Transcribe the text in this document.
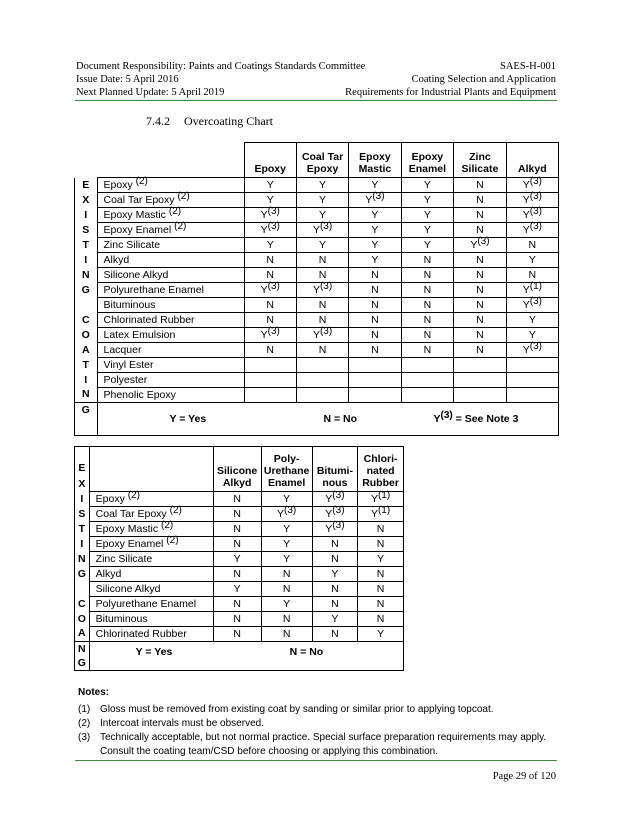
Document Responsibility: Paints and Coatings Standards Committee	SAES-H-001
Issue Date: 5 April 2016	Coating Selection and Application
Next Planned Update: 5 April 2019	Requirements for Industrial Plants and Equipment
7.4.2 Overcoating Chart
		Epoxy	Coal Tar Epoxy	Epoxy Mastic	Epoxy Enamel	Zinc Silicate	Alkyd
E	Epoxy $^{(2)}$	Y	Y	Y	Y	N	$Y^{(3)}$
X	Coal Tar Epoxy $^{(2)}$	Y	Y	$Y^{(3)}$	Y	N	$Y^{(3)}$
I	Epoxy Mastic $^{(2)}$	$Y^{(3)}$	Y	Y	Y	N	$Y^{(3)}$
S	Epoxy Enamel $^{(2)}$	$Y^{(3)}$	$Y^{(3)}$	Y	Y	N	$Y^{(3)}$
T	Zinc Silicate	Y	Y	Y	Y	$Y^{(3)}$	N
I	Alkyd	N	N	Y	N	N	Y
N	Silicone Alkyd	N	N	N	N	N	N
G	Polyurethane Enamel	$Y^{(3)}$	$Y^{(3)}$	N	N	N	$Y^{(1)}$
	Bituminous	N	N	N	N	N	$Y^{(3)}$
C	Chlorinated Rubber	N	N	N	N	N	Y
O	Latex Emulsion	$Y^{(3)}$	$Y^{(3)}$	N	N	N	Y
A	Lacquer	N	N	N	N	N	$Y^{(3)}$
T	Vinyl Ester						
I	Polyester						
N	Phenolic Epoxy						
G	Y = Yes N = No $Y^{(3)}$ = See Note 3						
E
X		Silicone Alkyd	Poly-Urethane Enamel	Bitumi-nous	Chlori-nated Rubber
I	Epoxy $^{(2)}$	N	Y	$Y^{(3)}$	$Y^{(1)}$
S	Coal Tar Epoxy $^{(2)}$	N	$Y^{(3)}$	$Y^{(3)}$	$Y^{(1)}$
T	Epoxy Mastic $^{(2)}$	N	Y	$Y^{(3)}$	N
I	Epoxy Enamel $^{(2)}$	N	Y	N	N
N	Zinc Silicate	Y	Y	N	Y
G	Alkyd	N	N	Y	N
	Silicone Alkyd	Y	N	N	N
C	Polyurethane Enamel	N	Y	N	N
O	Bituminous	N	N	Y	N
A	Chlorinated Rubber	N	N	N	Y
N
G	Y = Yes N = No				
Notes:
(1) Gloss must be removed from existing coat by sanding or similar prior to applying topcoat.
(2) Intercoat intervals must be observed.
(3) Technically acceptable, but not normal practice. Special surface preparation requirements may apply.
Consult the coating team/CSD before choosing or applying this combination.
Page 29 of 120
